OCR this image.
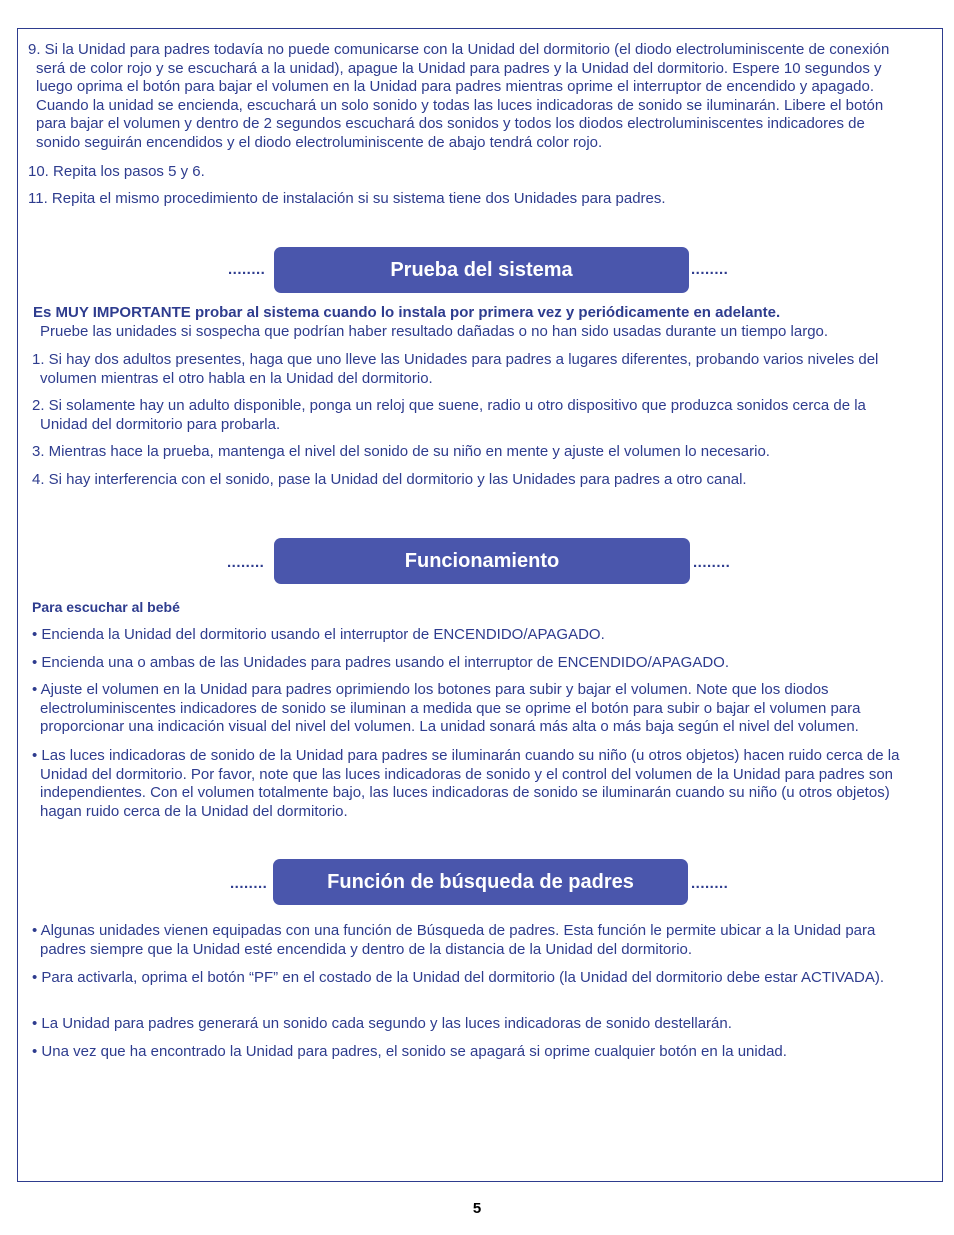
9. Si la Unidad para padres todavía no puede comunicarse con la Unidad del dormitorio (el diodo electroluminiscente de conexión será de color rojo y se escuchará a la unidad), apague la Unidad para padres y la Unidad del dormitorio. Espere 10 segundos y luego oprima el botón para bajar el volumen en la Unidad para padres mientras oprime el interruptor de encendido y apagado. Cuando la unidad se encienda, escuchará un solo sonido y todas las luces indicadoras de sonido se iluminarán. Libere el botón para bajar el volumen y dentro de 2 segundos escuchará dos sonidos y todos los diodos electroluminiscentes indicadores de sonido seguirán encendidos y el diodo electroluminiscente de abajo tendrá color rojo.

10. Repita los pasos 5 y 6.

11. Repita el mismo procedimiento de instalación si su sistema tiene dos Unidades para padres.

........	Prueba del sistema	........

Es MUY IMPORTANTE probar al sistema cuando lo instala por primera vez y periódicamente en adelante.

Pruebe las unidades si sospecha que podrían haber resultado dañadas o no han sido usadas durante un tiempo largo.

1. Si hay dos adultos presentes, haga que uno lleve las Unidades para padres a lugares diferentes, probando varios niveles del volumen mientras el otro habla en la Unidad del dormitorio.

2. Si solamente hay un adulto disponible, ponga un reloj que suene, radio u otro dispositivo que produzca sonidos cerca de la Unidad del dormitorio para probarla.

3. Mientras hace la prueba, mantenga el nivel del sonido de su niño en mente y ajuste el volumen lo necesario.

4. Si hay interferencia con el sonido, pase la Unidad del dormitorio y las Unidades para padres a otro canal.

........	Funcionamiento	........

Para escuchar al bebé

• Encienda la Unidad del dormitorio usando el interruptor de ENCENDIDO/APAGADO.

• Encienda una o ambas de las Unidades para padres usando el interruptor de ENCENDIDO/APAGADO.

• Ajuste el volumen en la Unidad para padres oprimiendo los botones para subir y bajar el volumen. Note que los diodos electroluminiscentes indicadores de sonido se iluminan a medida que se oprime el botón para subir o bajar el volumen para proporcionar una indicación visual del nivel del volumen. La unidad sonará más alta o más baja según el nivel del volumen.

• Las luces indicadoras de sonido de la Unidad para padres se iluminarán cuando su niño (u otros objetos) hacen ruido cerca de la Unidad del dormitorio. Por favor, note que las luces indicadoras de sonido y el control del volumen de la Unidad para padres son independientes. Con el volumen totalmente bajo, las luces indicadoras de sonido se iluminarán cuando su niño (u otros objetos) hagan ruido cerca de la Unidad del dormitorio.

........	Función de búsqueda de padres	........

• Algunas unidades vienen equipadas con una función de Búsqueda de padres. Esta función le permite ubicar a la Unidad para padres siempre que la Unidad esté encendida y dentro de la distancia de la Unidad del dormitorio.

• Para activarla, oprima el botón “PF” en el costado de la Unidad del dormitorio (la Unidad del dormitorio debe estar ACTIVADA).

• La Unidad para padres generará un sonido cada segundo y las luces indicadoras de sonido destellarán.

• Una vez que ha encontrado la Unidad para padres, el sonido se apagará si oprime cualquier botón en la unidad.

5
